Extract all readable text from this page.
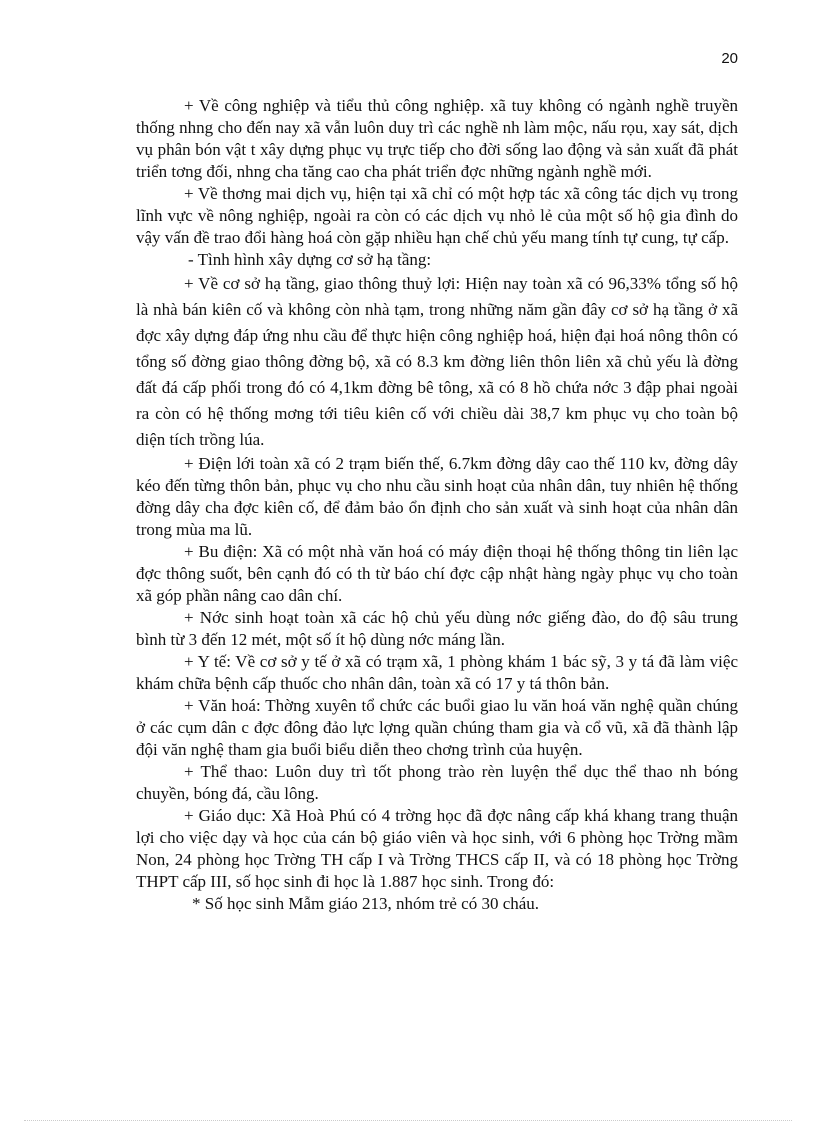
20

+ Về công nghiệp và tiểu thủ công nghiệp. xã tuy không có ngành nghề truyền thống nhng cho đến nay xã vẫn luôn duy trì các nghề nh làm mộc, nấu rọu, xay sát, dịch vụ phân bón vật t xây dựng phục vụ trực tiếp cho đời sống lao động và sản xuất đã phát triển tơng đối, nhng cha tăng cao cha phát triển đợc những ngành nghề mới.

+ Về thơng mai dịch vụ, hiện tại xã chỉ có một hợp tác xã công tác dịch vụ trong lĩnh vực về nông nghiệp, ngoài ra còn có các dịch vụ nhỏ lẻ của một số hộ gia đình do vậy vấn đề trao đổi hàng hoá còn gặp nhiều hạn chế chủ yếu mang tính tự cung, tự cấp.

- Tình hình xây dựng cơ sở hạ tầng:

+ Về cơ sở hạ tầng, giao thông thuỷ lợi: Hiện nay toàn xã có 96,33% tổng số hộ là nhà bán kiên cố và không còn nhà tạm, trong những năm gần đây cơ sở hạ tầng ở xã đợc xây dựng đáp ứng nhu cầu để thực hiện công nghiệp hoá, hiện đại hoá nông thôn có tổng số đờng giao thông đờng bộ, xã có 8.3 km đờng liên thôn liên xã chủ yếu là đờng đất đá cấp phối trong đó có 4,1km đờng bê tông, xã có 8 hồ chứa nớc 3 đập phai ngoài ra còn có hệ thống mơng tới tiêu kiên cố với chiều dài 38,7 km phục vụ cho toàn bộ diện tích trồng lúa.

+ Điện lới toàn xã có 2 trạm biến thế, 6.7km đờng dây cao thế 110 kv, đờng dây kéo đến từng thôn bản, phục vụ cho nhu cầu sinh hoạt của nhân dân, tuy nhiên hệ thống đờng dây cha đợc kiên cố, để đảm bảo ổn định cho sản xuất và sinh hoạt của nhân dân trong mùa ma lũ.

+ Bu điện: Xã có một nhà văn hoá có máy điện thoại hệ thống thông tin liên lạc đợc thông suốt, bên cạnh đó có th từ báo chí đợc cập nhật hàng ngày phục vụ cho toàn xã góp phần nâng cao dân chí.

+ Nớc sinh hoạt toàn xã các hộ chủ yếu dùng nớc giếng đào, do độ sâu trung bình từ 3 đến 12 mét, một số ít hộ dùng nớc máng lần.

+ Y tế: Về cơ sở y tế ở xã có trạm xã, 1 phòng khám 1 bác sỹ, 3 y tá đã làm việc khám chữa bệnh cấp thuốc cho nhân dân, toàn xã có 17 y tá thôn bản.

+ Văn hoá: Thờng xuyên tổ chức các buổi giao lu văn hoá văn nghệ quần chúng ở các cụm dân c đợc đông đảo lực lợng quần chúng tham gia và cổ vũ, xã đã thành lập đội văn nghệ tham gia buổi biểu diễn theo chơng trình của huyện.

+ Thể thao: Luôn duy trì tốt phong trào rèn luyện thể dục thể thao nh bóng chuyền, bóng đá, cầu lông.

+ Giáo dục: Xã Hoà Phú có 4 trờng học đã đợc nâng cấp khá khang trang thuận lợi cho việc dạy và học của cán bộ giáo viên và học sinh, với 6 phòng học Trờng mầm Non, 24 phòng học Trờng TH cấp I và Trờng THCS cấp II, và có 18 phòng học Trờng THPT cấp III, số học sinh đi học là 1.887 học sinh. Trong đó:

* Số học sinh Mẫm giáo 213, nhóm trẻ có 30 cháu.
